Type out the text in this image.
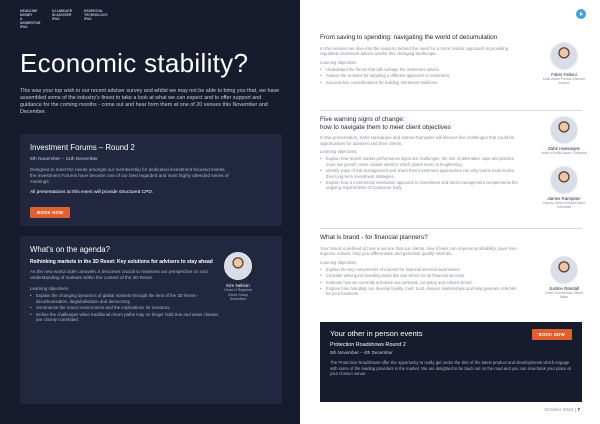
HEADLINE MONEY
A MOMENTUM
IFAS
ILLUMINATE
IN ADVISER
IFAS
ESSENTIAL
TECHNOLOGY
IFAS
Economic stability?

This was your top wish in our recent adviser survey and whilst we may not be able to bring you that, we have assembled some of the industry's finest to take a look at what we can expect and to offer support and guidance for the coming months - come out and hear form them at one of 20 venues this November and December.

Investment Forums – Round 2
5th November – 11th December
Designed to meet the needs amongst our membership for dedicated investment-focused events, the Investment Forums have become one of our best regarded and most highly attended series of meetings.
All presentations at this event will provide structured CPD.
BOOK NOW
What's on the agenda?
Rethinking markets in the 3D Reset: Key solutions for advisers to stay ahead
As the new world order unravels, it becomes crucial to reassess our perspective on and understanding of markets within the context of the 3D Reset.
Learning objectives:
• Explain the changing dynamics of global markets through the lens of the 3D Reset - decarbonisation, deglobalisation and democracy.
• Summarise the macro environment and the implications for investors.
• Define the challenges when traditional return paths may no longer hold true and asset classes are closely correlated.
Kim Nelson
Head of Regional
Client Group
Schroders
From saving to spending: navigating the world of decumulation
In this session we dive into the reasons behind the need for a more holistic approach in providing regulated retirement advice amidst this changing landscape.
Learning objectives:
• Understand the forces that will reshape the retirement advice.
• Assess the reasons for adopting a different approach to retirement.
• Success key considerations for building retirement solutions.
Fabio Faltoni
Multi-Asset Product Director
Invesco
Five warning signs of change:
how to navigate them to meet client objectives
In this presentation, Zahir Hassanjee and James Rampster will discuss five challenges that could be opportunities for advisers and their clients.
Learning objectives:
• Explain how recent market performance signs are challenges, the rise of alternative caps and passive more low growth, more volatile world in which global return is heightening.
• Identify ways of risk management and share their investment approaches can why teams must evolve their long-term investment strategies.
• Explain how a commercial orientation approach to investment and client management complements the ongoing requirements of Consumer Duty.
Zahir Hassanjee
Head of Multi-Asset, Columbia
James Rampster
Deputy Head of North Asset
Columbia
What is brand - for financial planners?
Your brand is defined at how a service that our clients, how it feels can improve profitability, save time, improve culture, help you differentiate and generate quality referrals.
Learning objectives:
• Explain the key components of a brand for financial services businesses.
• Consider what good branding looks like and where for its financial services.
• Evaluate how we currently articulate our personal, company and cultural brand.
• Explore how branding can develop loyalty, trust, trust, deepen relationships and help generate referrals for your business.
Justine Randall
Chief Commercial Officer
Illaka
Your other in person events	BOOK NOW
Protection Roadshows Round 2
5th November – 4th December
The Protection Roadshows offer the opportunity to really get under the skin of the latest product and developments which engage with some of the leading providers in the market. We are delighted to be back out on the road and you can now book your place at your chosen venue.
October 2024 | 7
